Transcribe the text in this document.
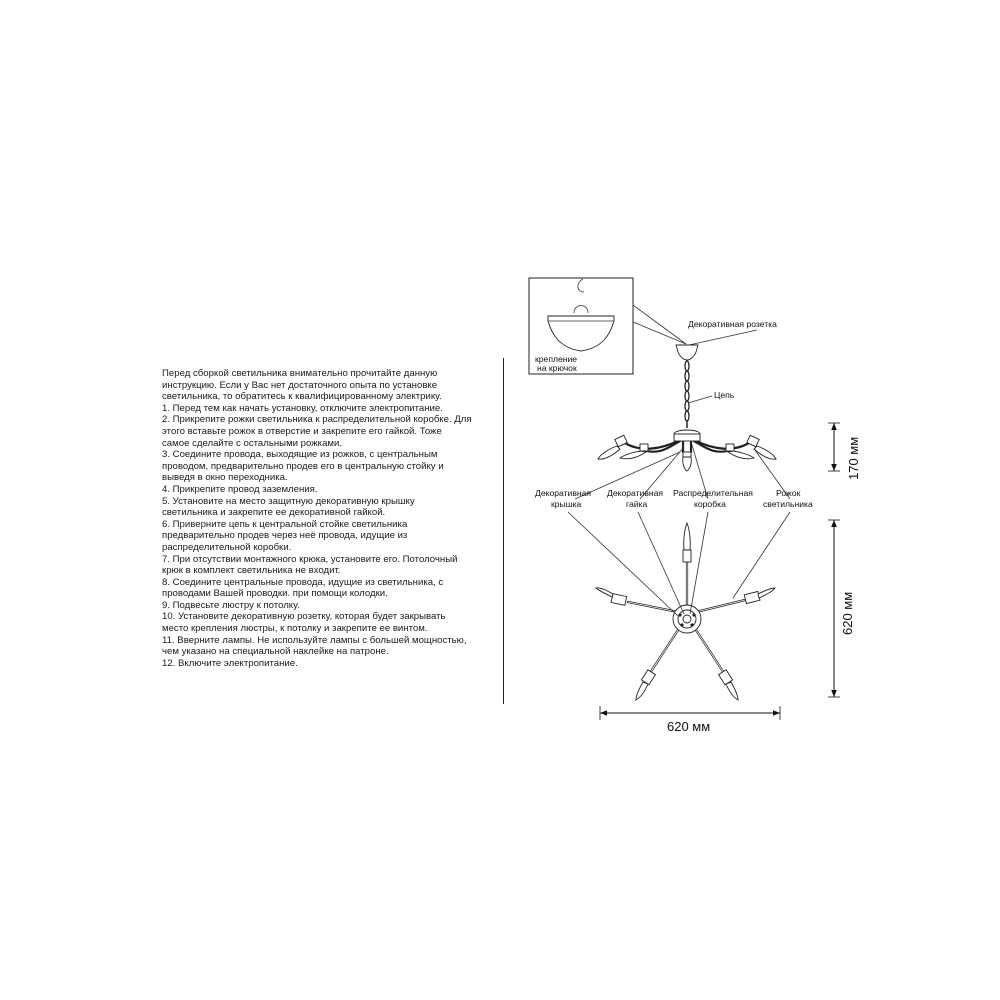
Перед сборкой светильника внимательно прочитайте данную
инструкцию. Если у Вас нет достаточного опыта по установке
светильника, то обратитесь к квалифицированному электрику.
1. Перед тем как начать установку, отключите электропитание.
2. Прикрепите рожки светильника к распределительной коробке. Для
этого вставьте рожок в отверстие и закрепите его гайкой. Тоже
самое сделайте с остальными рожками.
3. Соедините провода, выходящие из рожков, с центральным
проводом, предварительно продев его в центральную стойку и
выведя в окно переходника.
4. Прикрепите провод заземления.
5. Установите на место защитную декоративную крышку
светильника и закрепите ее декоративной гайкой.
6. Приверните цепь к центральной стойке светильника
предварительно продев через неё провода, идущие из
распределительной коробки.
7. При отсутствии монтажного крюка, установите его. Потолочный
крюк в комплект светильника не входит.
8. Соедините центральные провода, идущие из светильника, с
проводами Вашей проводки. при помощи колодки.
9. Подвесьте люстру к потолку.
10. Установите декоративную розетку, которая будет закрывать
место крепления люстры, к потолку и закрепите ее винтом.
11. Вверните лампы. Не используйте лампы с большей мощностью,
чем указано на специальной наклейке на патроне.
12. Включите электропитание.
крепление
на крючок
Декоративная розетка
Цепь
Декоративная
крышка
Декоративная
гайка
Распределительная
коробка
Рожок
светильника
170 мм
620 мм
620 мм
